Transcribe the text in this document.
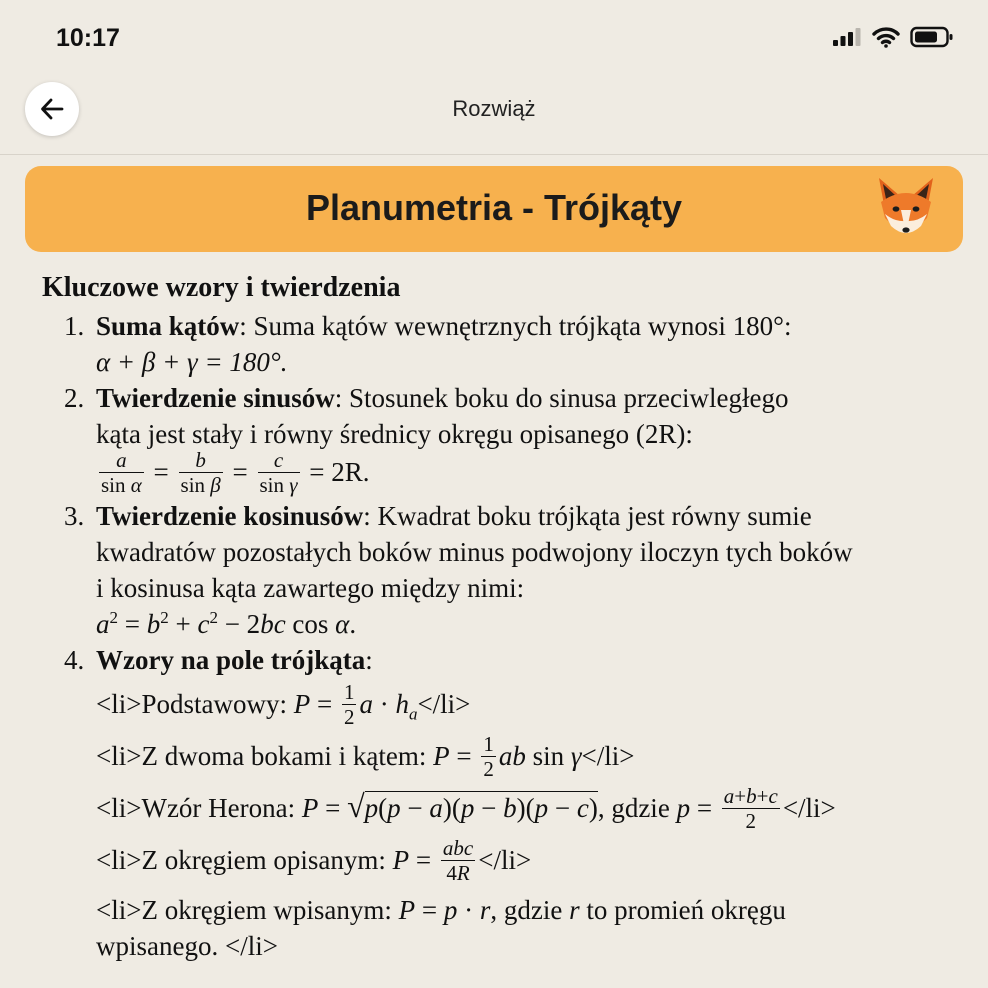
10:17
Rozwiąż
Planumetria - Trójkąty
Kluczowe wzory i twierdzenia
1. Suma kątów: Suma kątów wewnętrznych trójkąta wynosi 180°:
α + β + γ = 180°.
2. Twierdzenie sinusów: Stosunek boku do sinusa przeciwległego
kąta jest stały i równy średnicy okręgu opisanego (2R):
$\frac{a}{\text{sin α}} = \frac{b}{\text{sin β}} = \frac{c}{\text{sin γ}} = 2R$.
3. Twierdzenie kosinusów: Kwadrat boku trójkąta jest równy sumie
kwadratów pozostałych boków minus podwojony iloczyn tych boków
i kosinusa kąta zawartego między nimi:
$a^2 = b^2 + c^2 - 2bc$ cos α.
4. Wzory na pole trójkąta:
<li>Podstawowy: $P = \frac{1}{2}$ $a \cdot h_a</li>$
<li>Z dwoma bokami i kątem: $P = \frac{1}{2}$ ab sin γ</li>
<li>Wzór Herona: P = √p(p − a)(p − b)(p − c), gdzie $p = \frac{a+b+c}{2} </li>$
<li>Z okręgiem opisanym: $P = \frac{\text{abc}}{4R} </li>$
<li>Z okręgiem wpisanym: P = p · r, gdzie r to promień okręgu
wpisanego. </li>
